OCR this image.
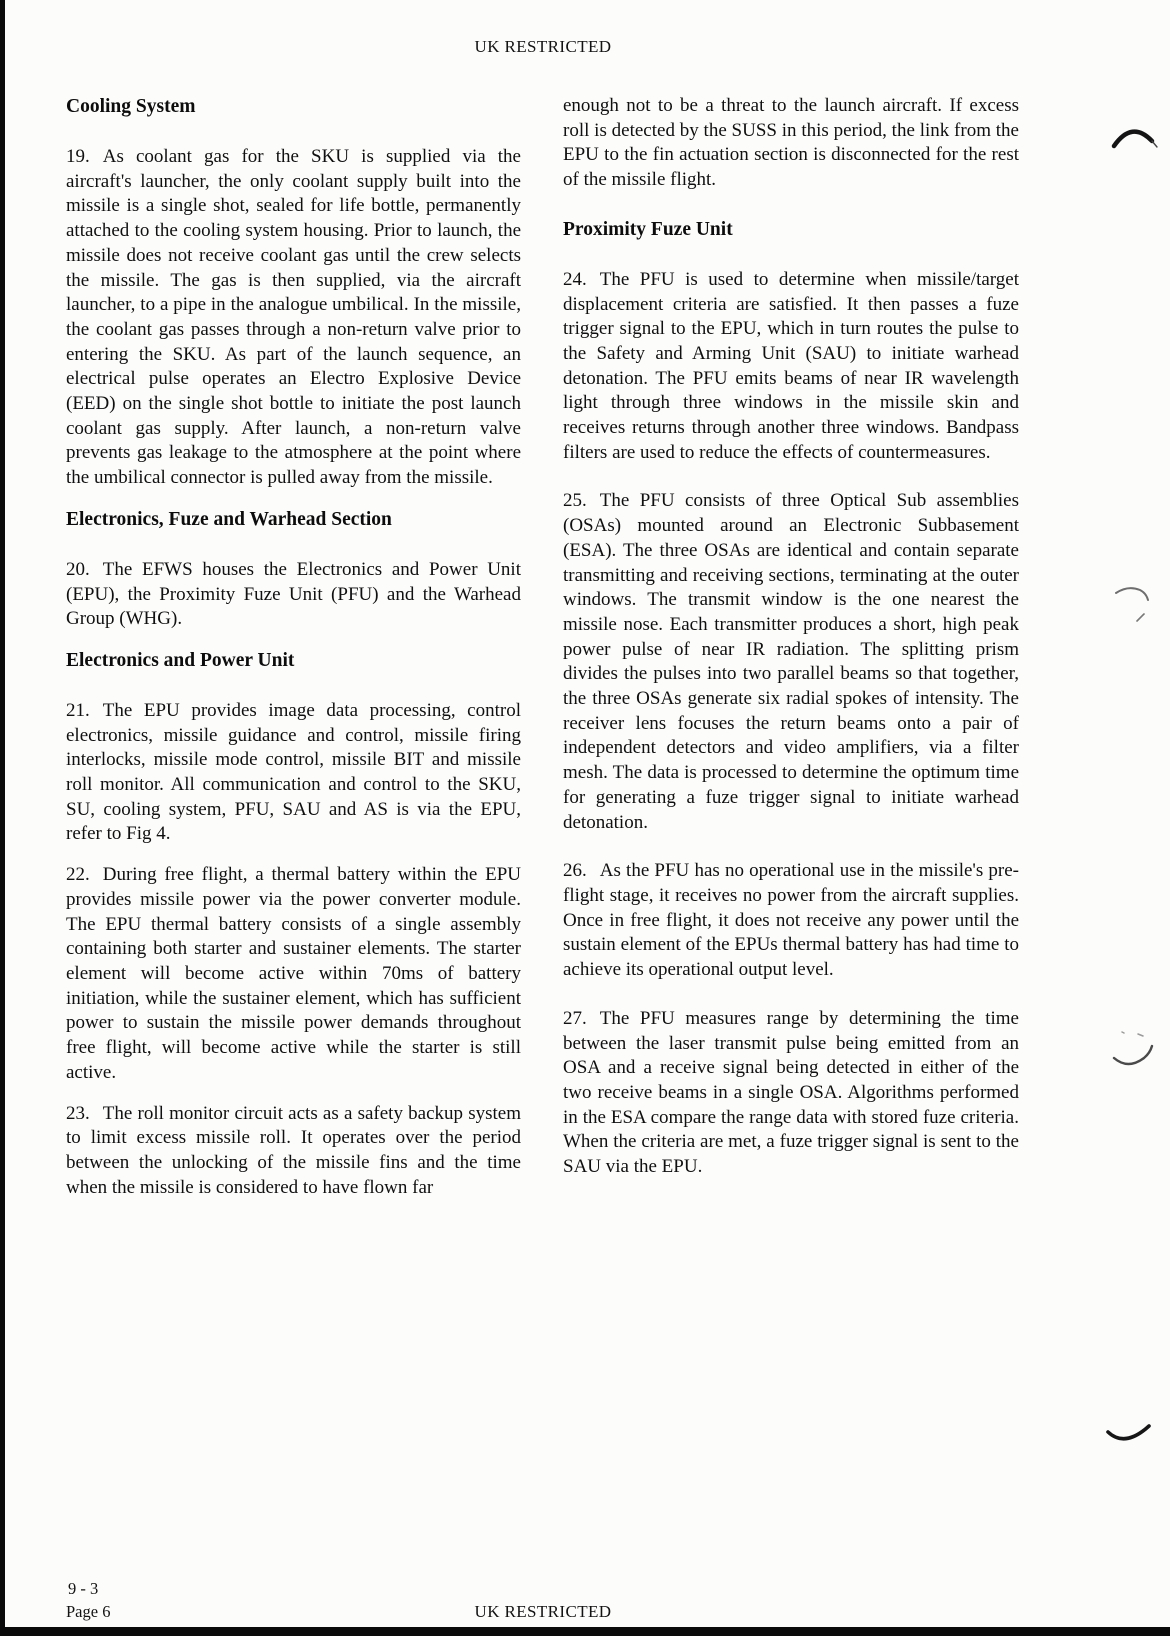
UK RESTRICTED
Cooling System

19. As coolant gas for the SKU is supplied via the aircraft's launcher, the only coolant supply built into the missile is a single shot, sealed for life bottle, permanently attached to the cooling system housing. Prior to launch, the missile does not receive coolant gas until the crew selects the missile. The gas is then supplied, via the aircraft launcher, to a pipe in the analogue umbilical. In the missile, the coolant gas passes through a non-return valve prior to entering the SKU. As part of the launch sequence, an electrical pulse operates an Electro Explosive Device (EED) on the single shot bottle to initiate the post launch coolant gas supply. After launch, a non-return valve prevents gas leakage to the atmosphere at the point where the umbilical connector is pulled away from the missile.

Electronics, Fuze and Warhead Section

20. The EFWS houses the Electronics and Power Unit (EPU), the Proximity Fuze Unit (PFU) and the Warhead Group (WHG).

Electronics and Power Unit

21. The EPU provides image data processing, control electronics, missile guidance and control, missile firing interlocks, missile mode control, missile BIT and missile roll monitor. All communication and control to the SKU, SU, cooling system, PFU, SAU and AS is via the EPU, refer to Fig 4.

22. During free flight, a thermal battery within the EPU provides missile power via the power converter module. The EPU thermal battery consists of a single assembly containing both starter and sustainer elements. The starter element will become active within 70ms of battery initiation, while the sustainer element, which has sufficient power to sustain the missile power demands throughout free flight, will become active while the starter is still active.

23. The roll monitor circuit acts as a safety backup system to limit excess missile roll. It operates over the period between the unlocking of the missile fins and the time when the missile is considered to have flown far

enough not to be a threat to the launch aircraft. If excess roll is detected by the SUSS in this period, the link from the EPU to the fin actuation section is disconnected for the rest of the missile flight.

Proximity Fuze Unit

24. The PFU is used to determine when missile/target displacement criteria are satisfied. It then passes a fuze trigger signal to the EPU, which in turn routes the pulse to the Safety and Arming Unit (SAU) to initiate warhead detonation. The PFU emits beams of near IR wavelength light through three windows in the missile skin and receives returns through another three windows. Bandpass filters are used to reduce the effects of countermeasures.

25. The PFU consists of three Optical Sub assemblies (OSAs) mounted around an Electronic Subbasement (ESA). The three OSAs are identical and contain separate transmitting and receiving sections, terminating at the outer windows. The transmit window is the one nearest the missile nose. Each transmitter produces a short, high peak power pulse of near IR radiation. The splitting prism divides the pulses into two parallel beams so that together, the three OSAs generate six radial spokes of intensity. The receiver lens focuses the return beams onto a pair of independent detectors and video amplifiers, via a filter mesh. The data is processed to determine the optimum time for generating a fuze trigger signal to initiate warhead detonation.

26. As the PFU has no operational use in the missile's pre-flight stage, it receives no power from the aircraft supplies. Once in free flight, it does not receive any power until the sustain element of the EPUs thermal battery has had time to achieve its operational output level.

27. The PFU measures range by determining the time between the laser transmit pulse being emitted from an OSA and a receive signal being detected in either of the two receive beams in a single OSA. Algorithms performed in the ESA compare the range data with stored fuze criteria. When the criteria are met, a fuze trigger signal is sent to the SAU via the EPU.

9 - 3
Page 6	UK RESTRICTED
